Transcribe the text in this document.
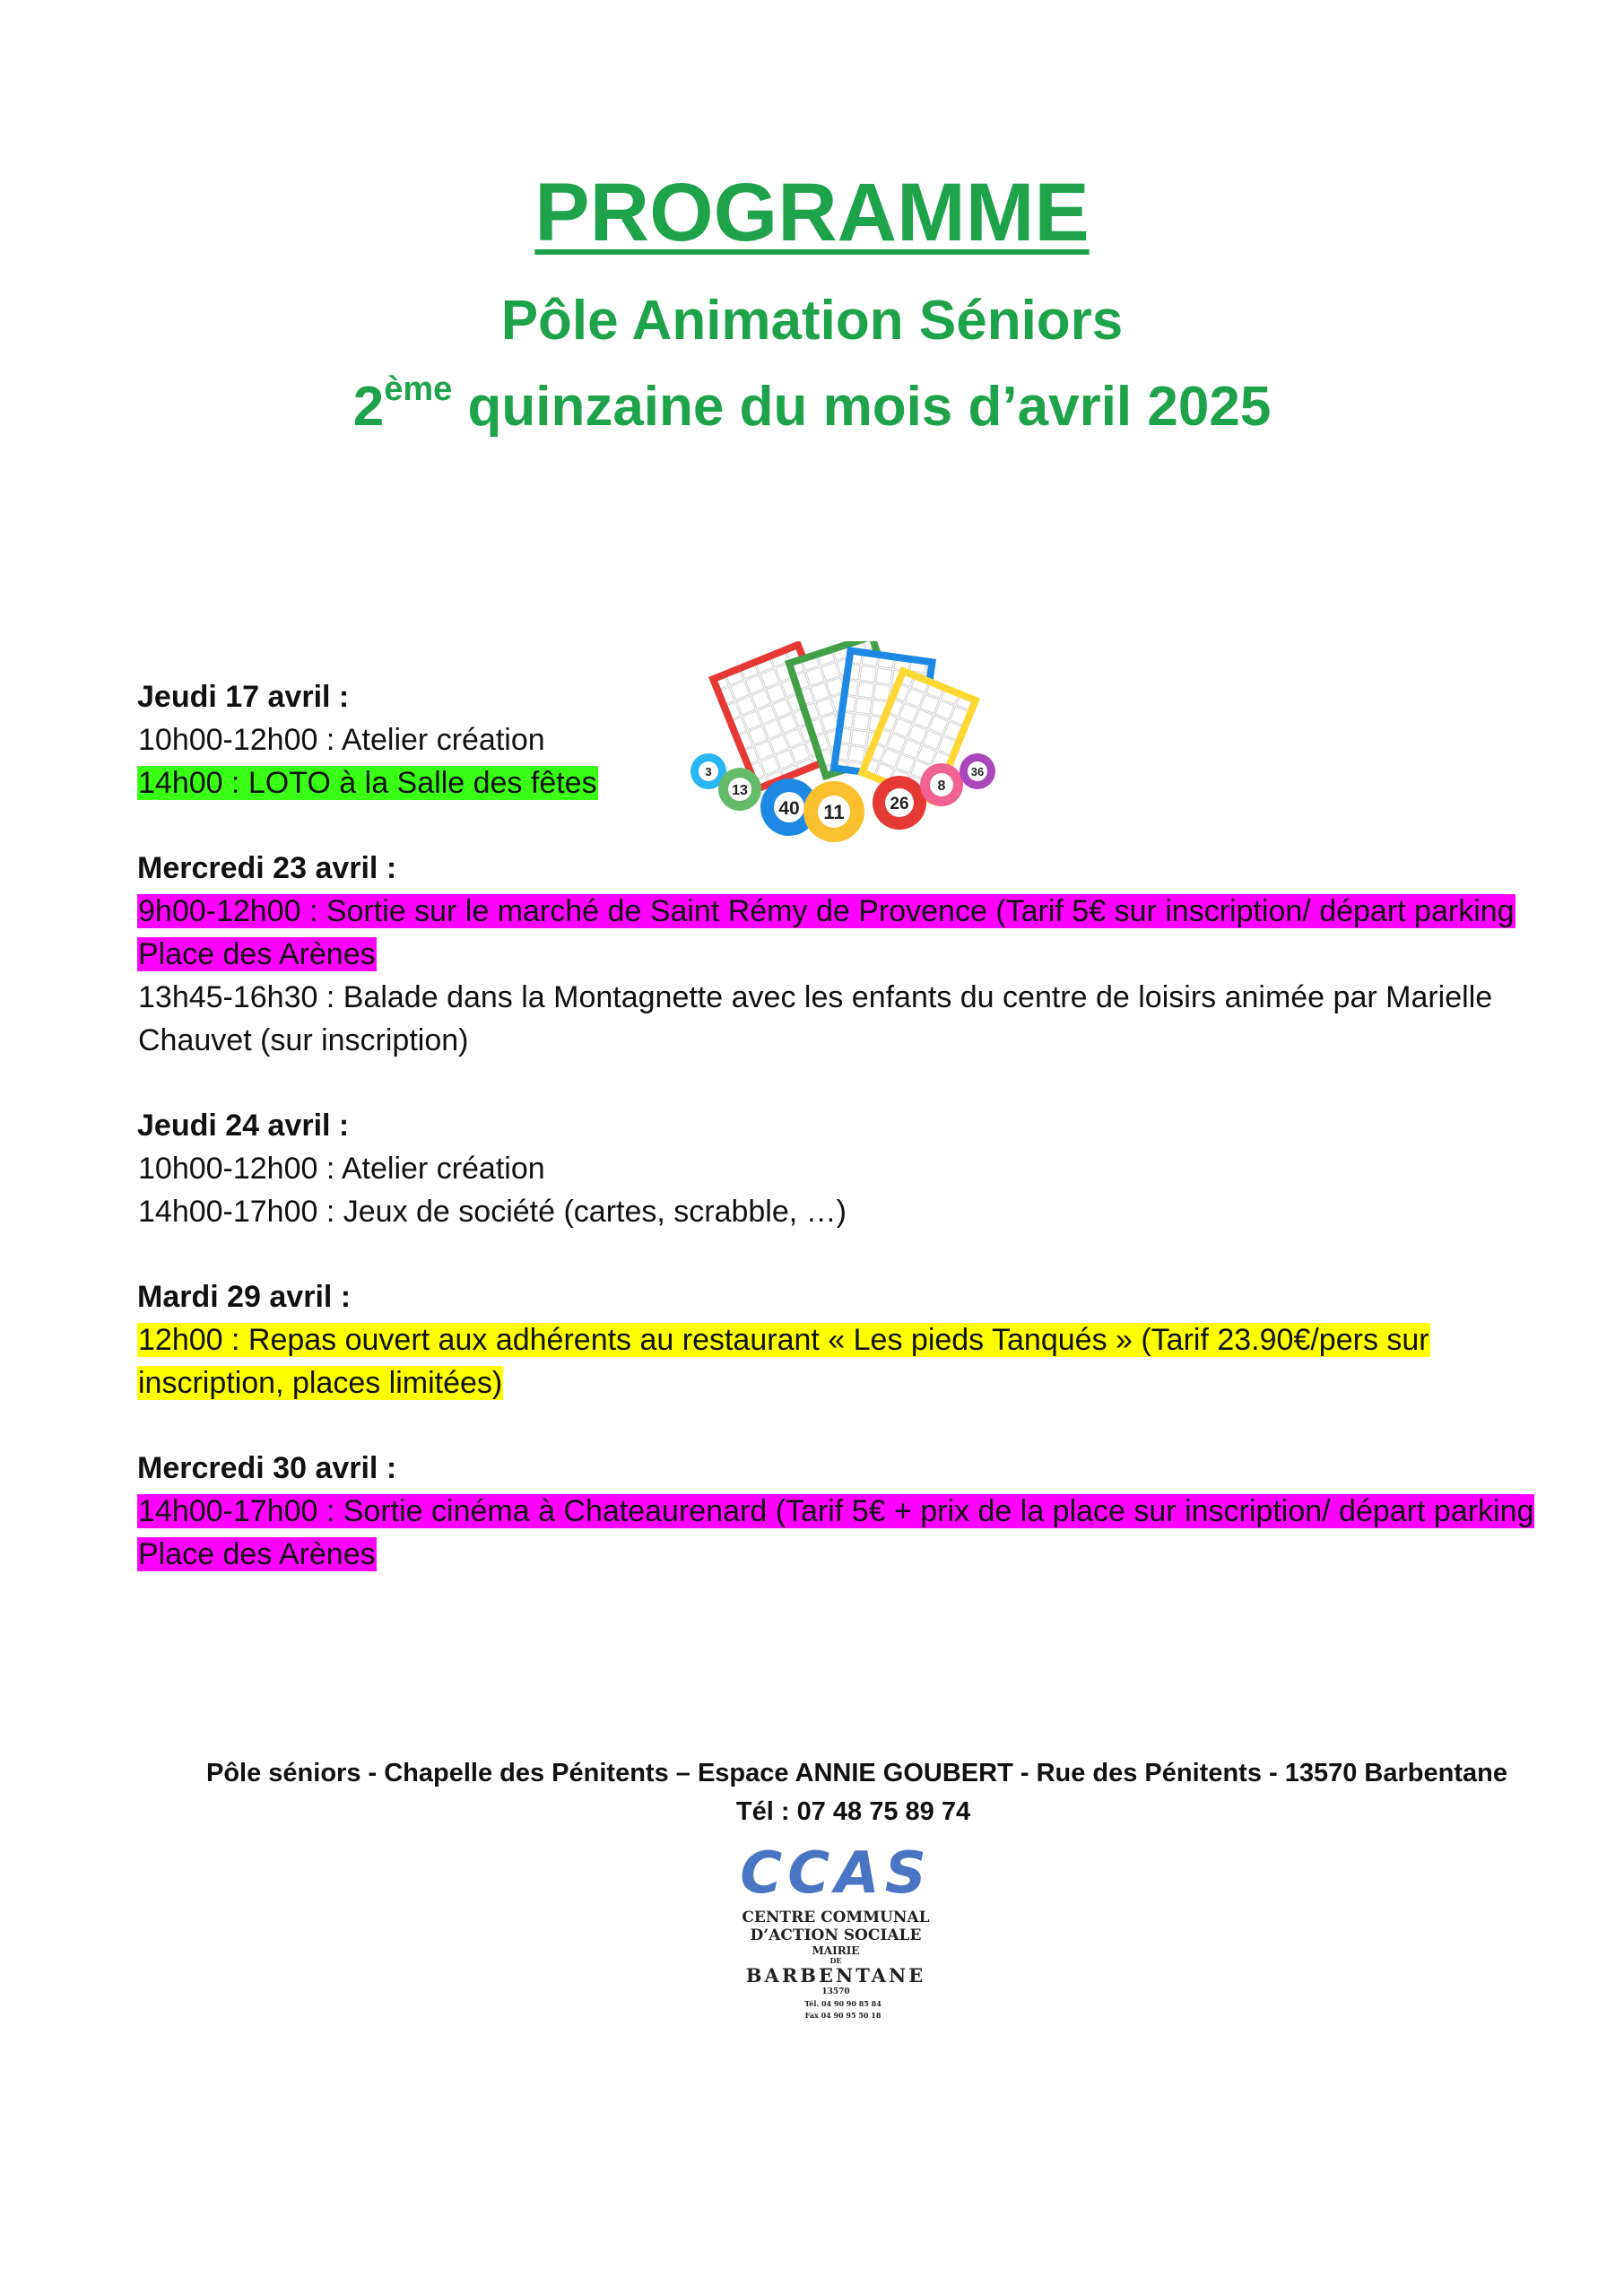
PROGRAMME
Pôle Animation Séniors
2ème quinzaine du mois d’avril 2025
Jeudi 17 avril :
10h00-12h00 : Atelier création
14h00 : LOTO à la Salle des fêtes
Mercredi 23 avril :
9h00-12h00 : Sortie sur le marché de Saint Rémy de Provence (Tarif 5€ sur inscription/ départ parking Place des Arènes
13h45-16h30 : Balade dans la Montagnette avec les enfants du centre de loisirs animée par Marielle Chauvet (sur inscription)
Jeudi 24 avril :
10h00-12h00 : Atelier création
14h00-17h00 : Jeux de société (cartes, scrabble, …)
Mardi 29 avril :
12h00 : Repas ouvert aux adhérents au restaurant « Les pieds Tanqués » (Tarif 23.90€/pers sur inscription, places limitées)
Mercredi 30 avril :
14h00-17h00 : Sortie cinéma à Chateaurenard (Tarif 5€ + prix de la place sur inscription/ départ parking Place des Arènes
3
13
40 11	26
8
36
Pôle séniors - Chapelle des Pénitents – Espace ANNIE GOUBERT - Rue des Pénitents - 13570 Barbentane
Tél : 07 48 75 89 74
CCAS
CENTRE COMMUNAL
D’ACTION SOCIALE
MAIRIE
DE
BARBENTANE
13570
Tél. 04 90 90 85 84
Fax 04 90 95 50 18
